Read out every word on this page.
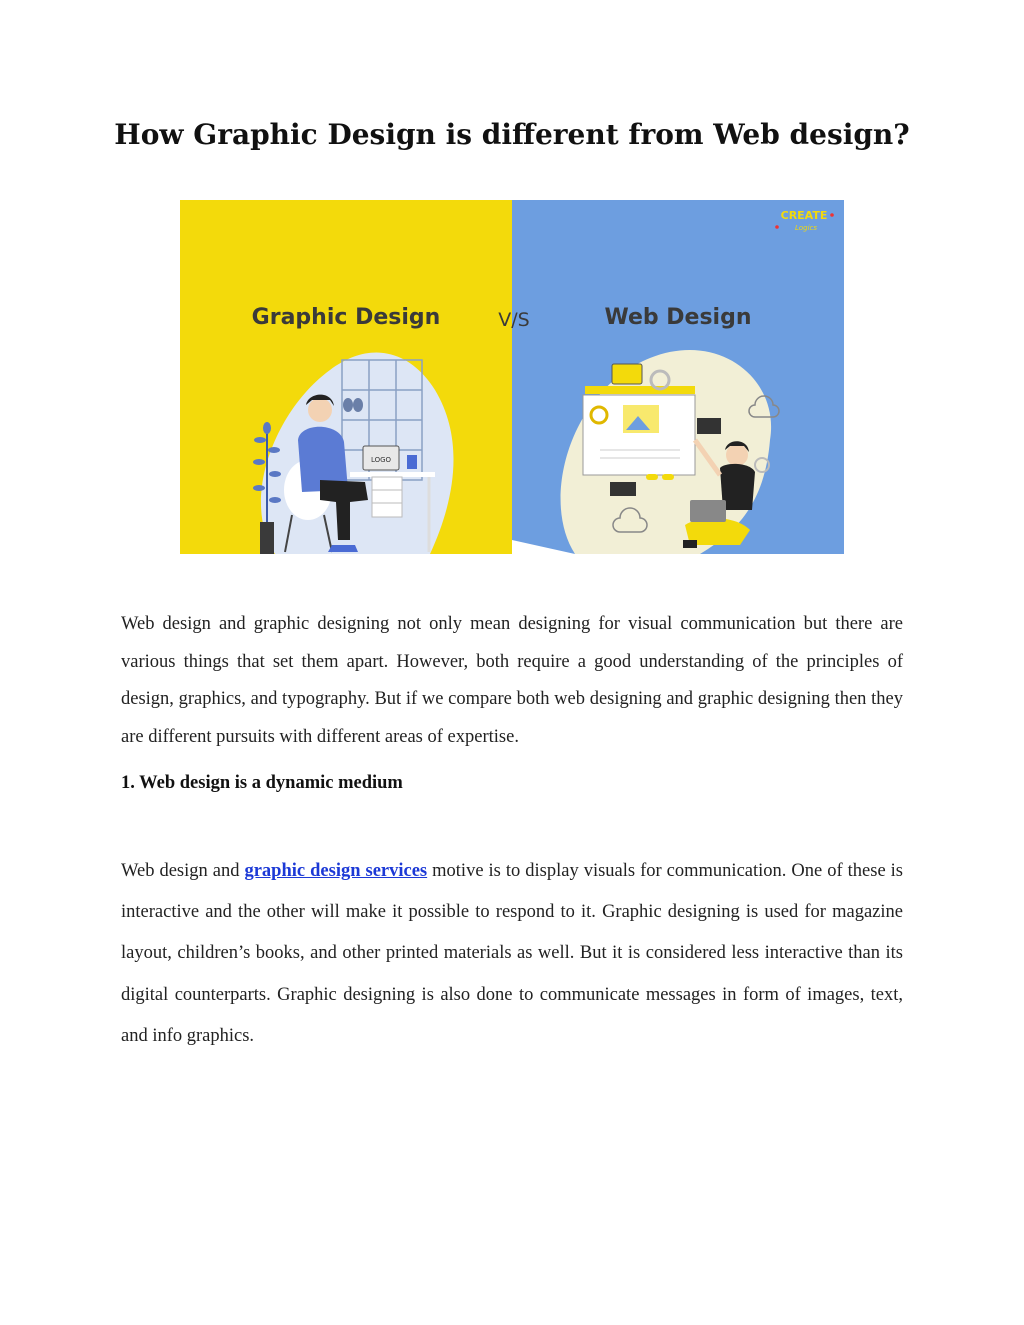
How Graphic Design is different from Web design?
CREATE
Logics
Graphic Design	V/S	Web Design
LOGO

Web design and graphic designing not only mean designing for visual communication but there are various things that set them apart. However, both require a good understanding of the principles of design, graphics, and typography. But if we compare both web designing and graphic designing then they are different pursuits with different areas of expertise.

1. Web design is a dynamic medium

Web design and graphic design services motive is to display visuals for communication. One of these is interactive and the other will make it possible to respond to it. Graphic designing is used for magazine layout, children’s books, and other printed materials as well. But it is considered less interactive than its digital counterparts. Graphic designing is also done to communicate messages in form of images, text, and info graphics.
